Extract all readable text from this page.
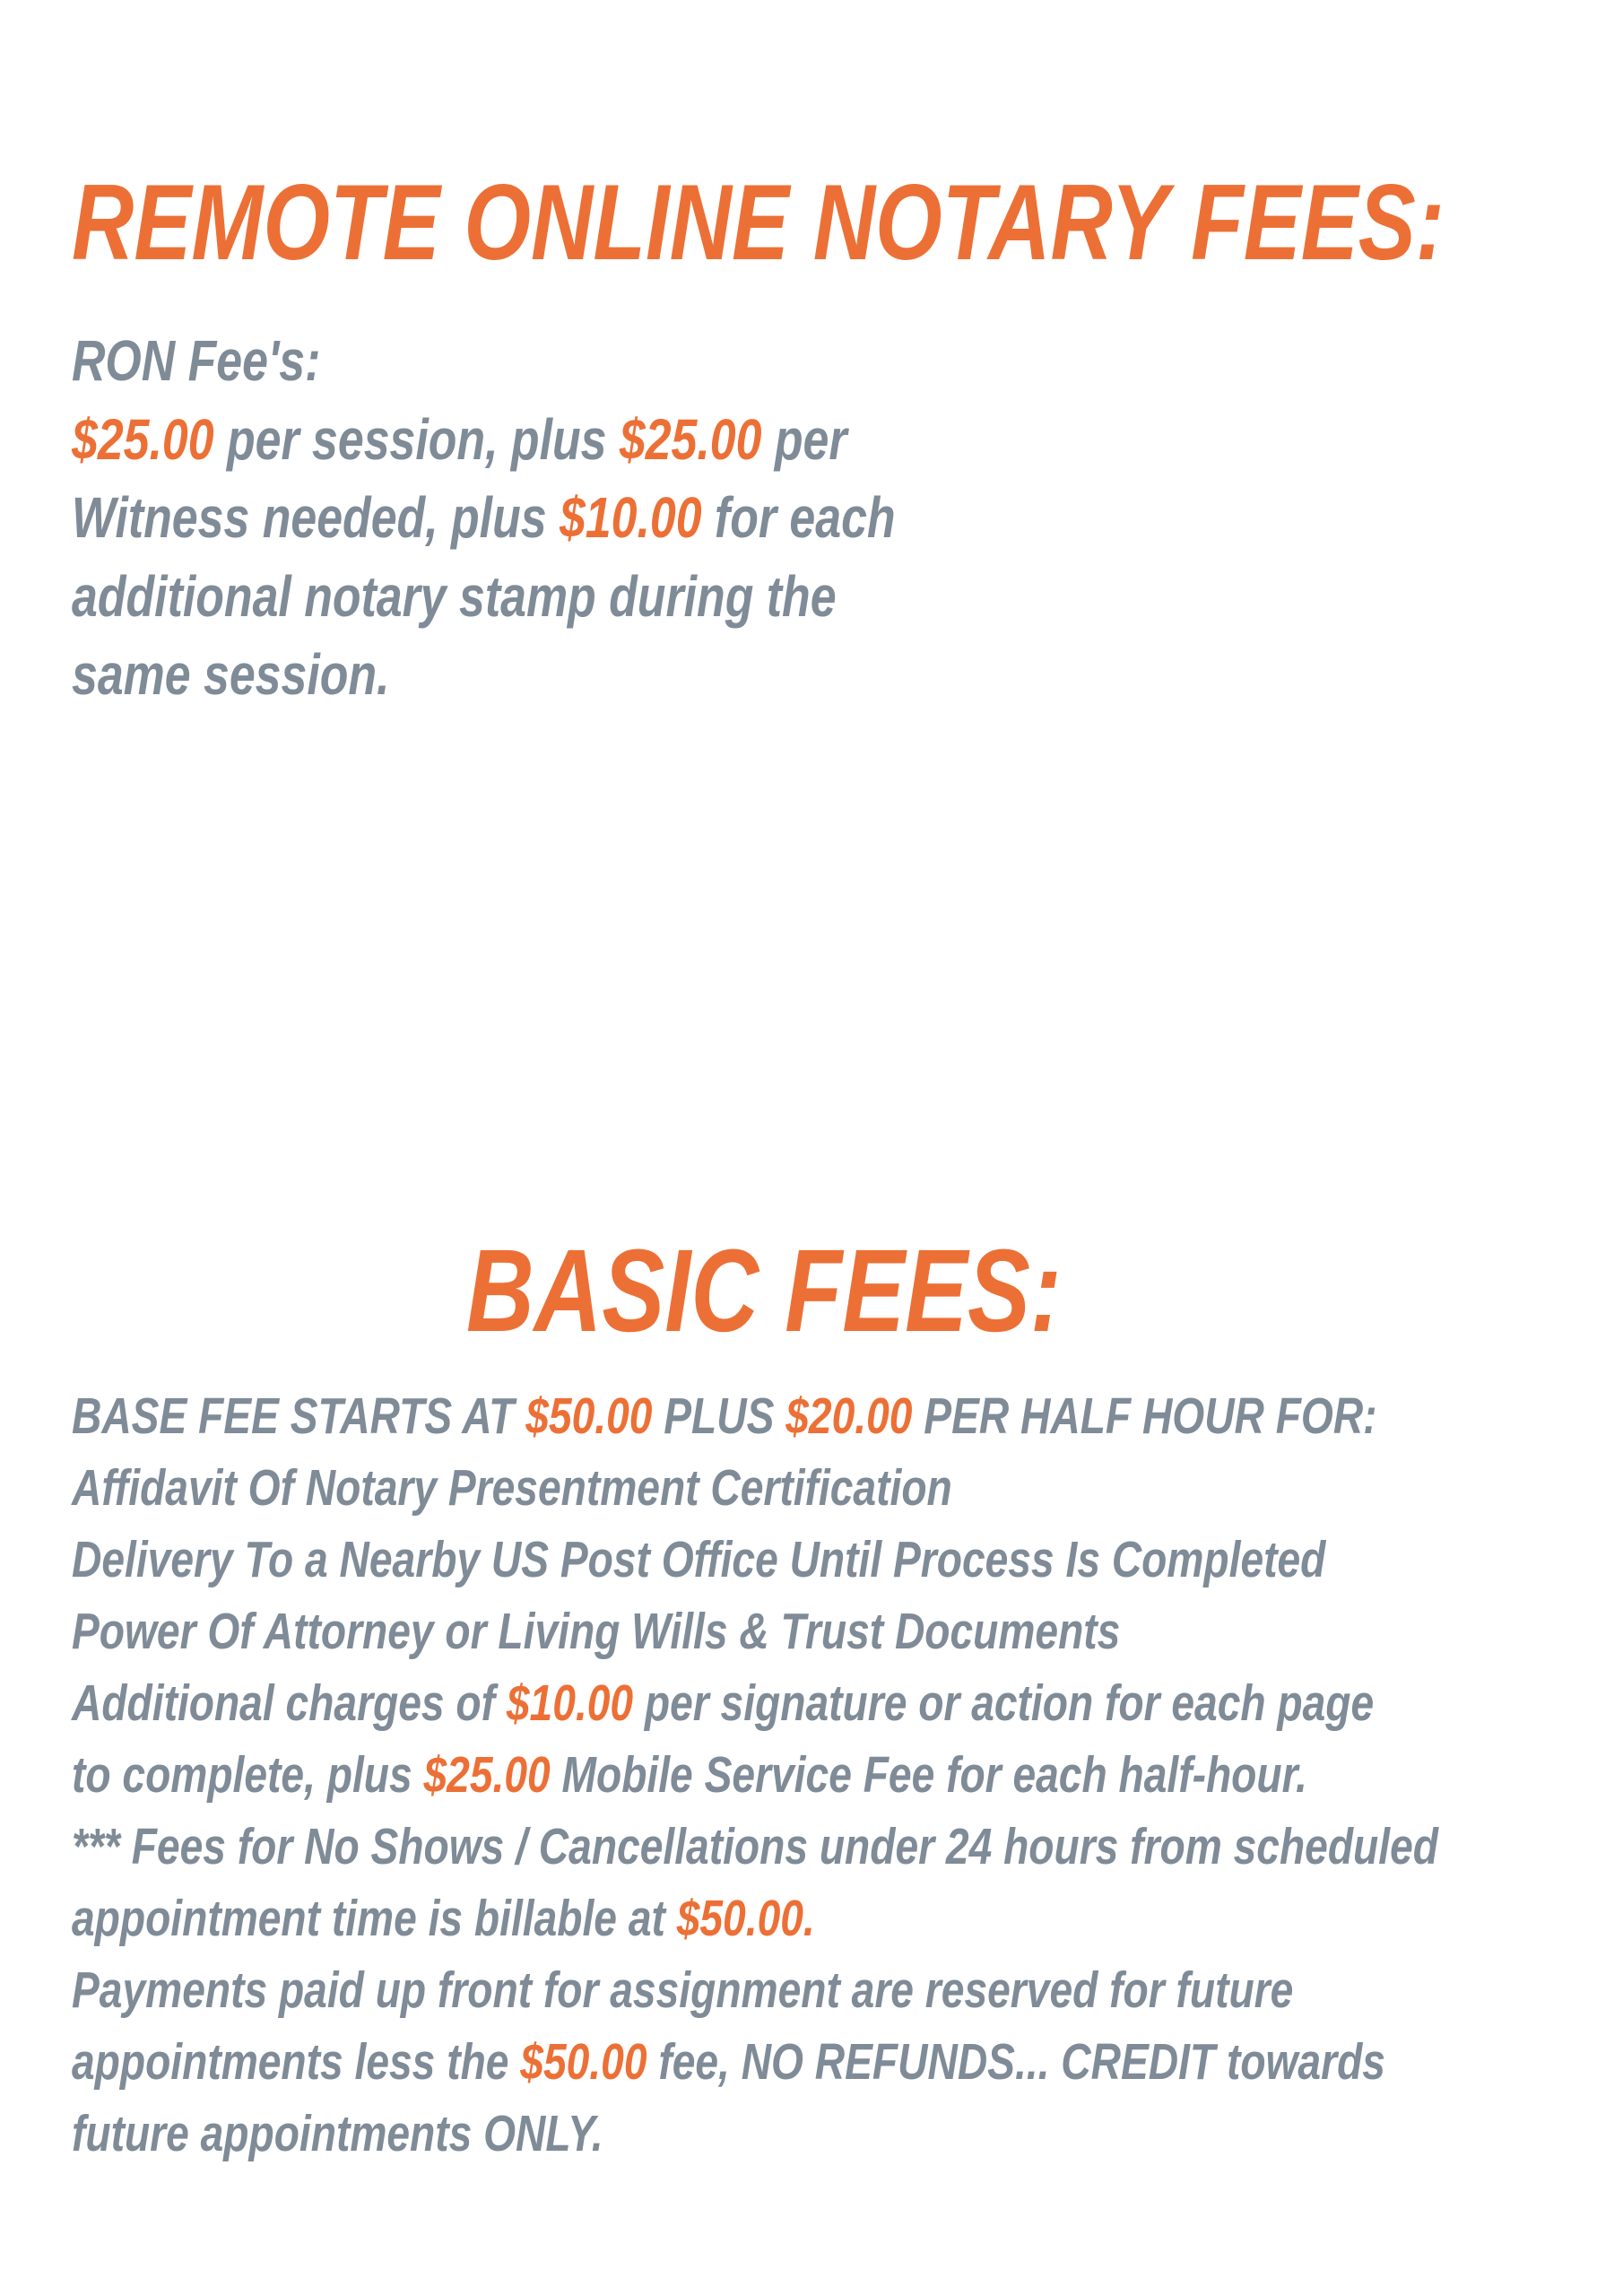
REMOTE ONLINE NOTARY FEES:
RON Fee's:
$25.00 per session, plus $25.00 per
Witness needed, plus $10.00 for each
additional notary stamp during the
same session.
BASIC FEES:
BASE FEE STARTS AT $50.00 PLUS $20.00 PER HALF HOUR FOR:
Affidavit Of Notary Presentment Certification
Delivery To a Nearby US Post Office Until Process Is Completed
Power Of Attorney or Living Wills & Trust Documents
Additional charges of $10.00 per signature or action for each page
to complete, plus $25.00 Mobile Service Fee for each half-hour.
*** Fees for No Shows / Cancellations under 24 hours from scheduled
appointment time is billable at $50.00.
Payments paid up front for assignment are reserved for future
appointments less the $50.00 fee, NO REFUNDS... CREDIT towards
future appointments ONLY.
